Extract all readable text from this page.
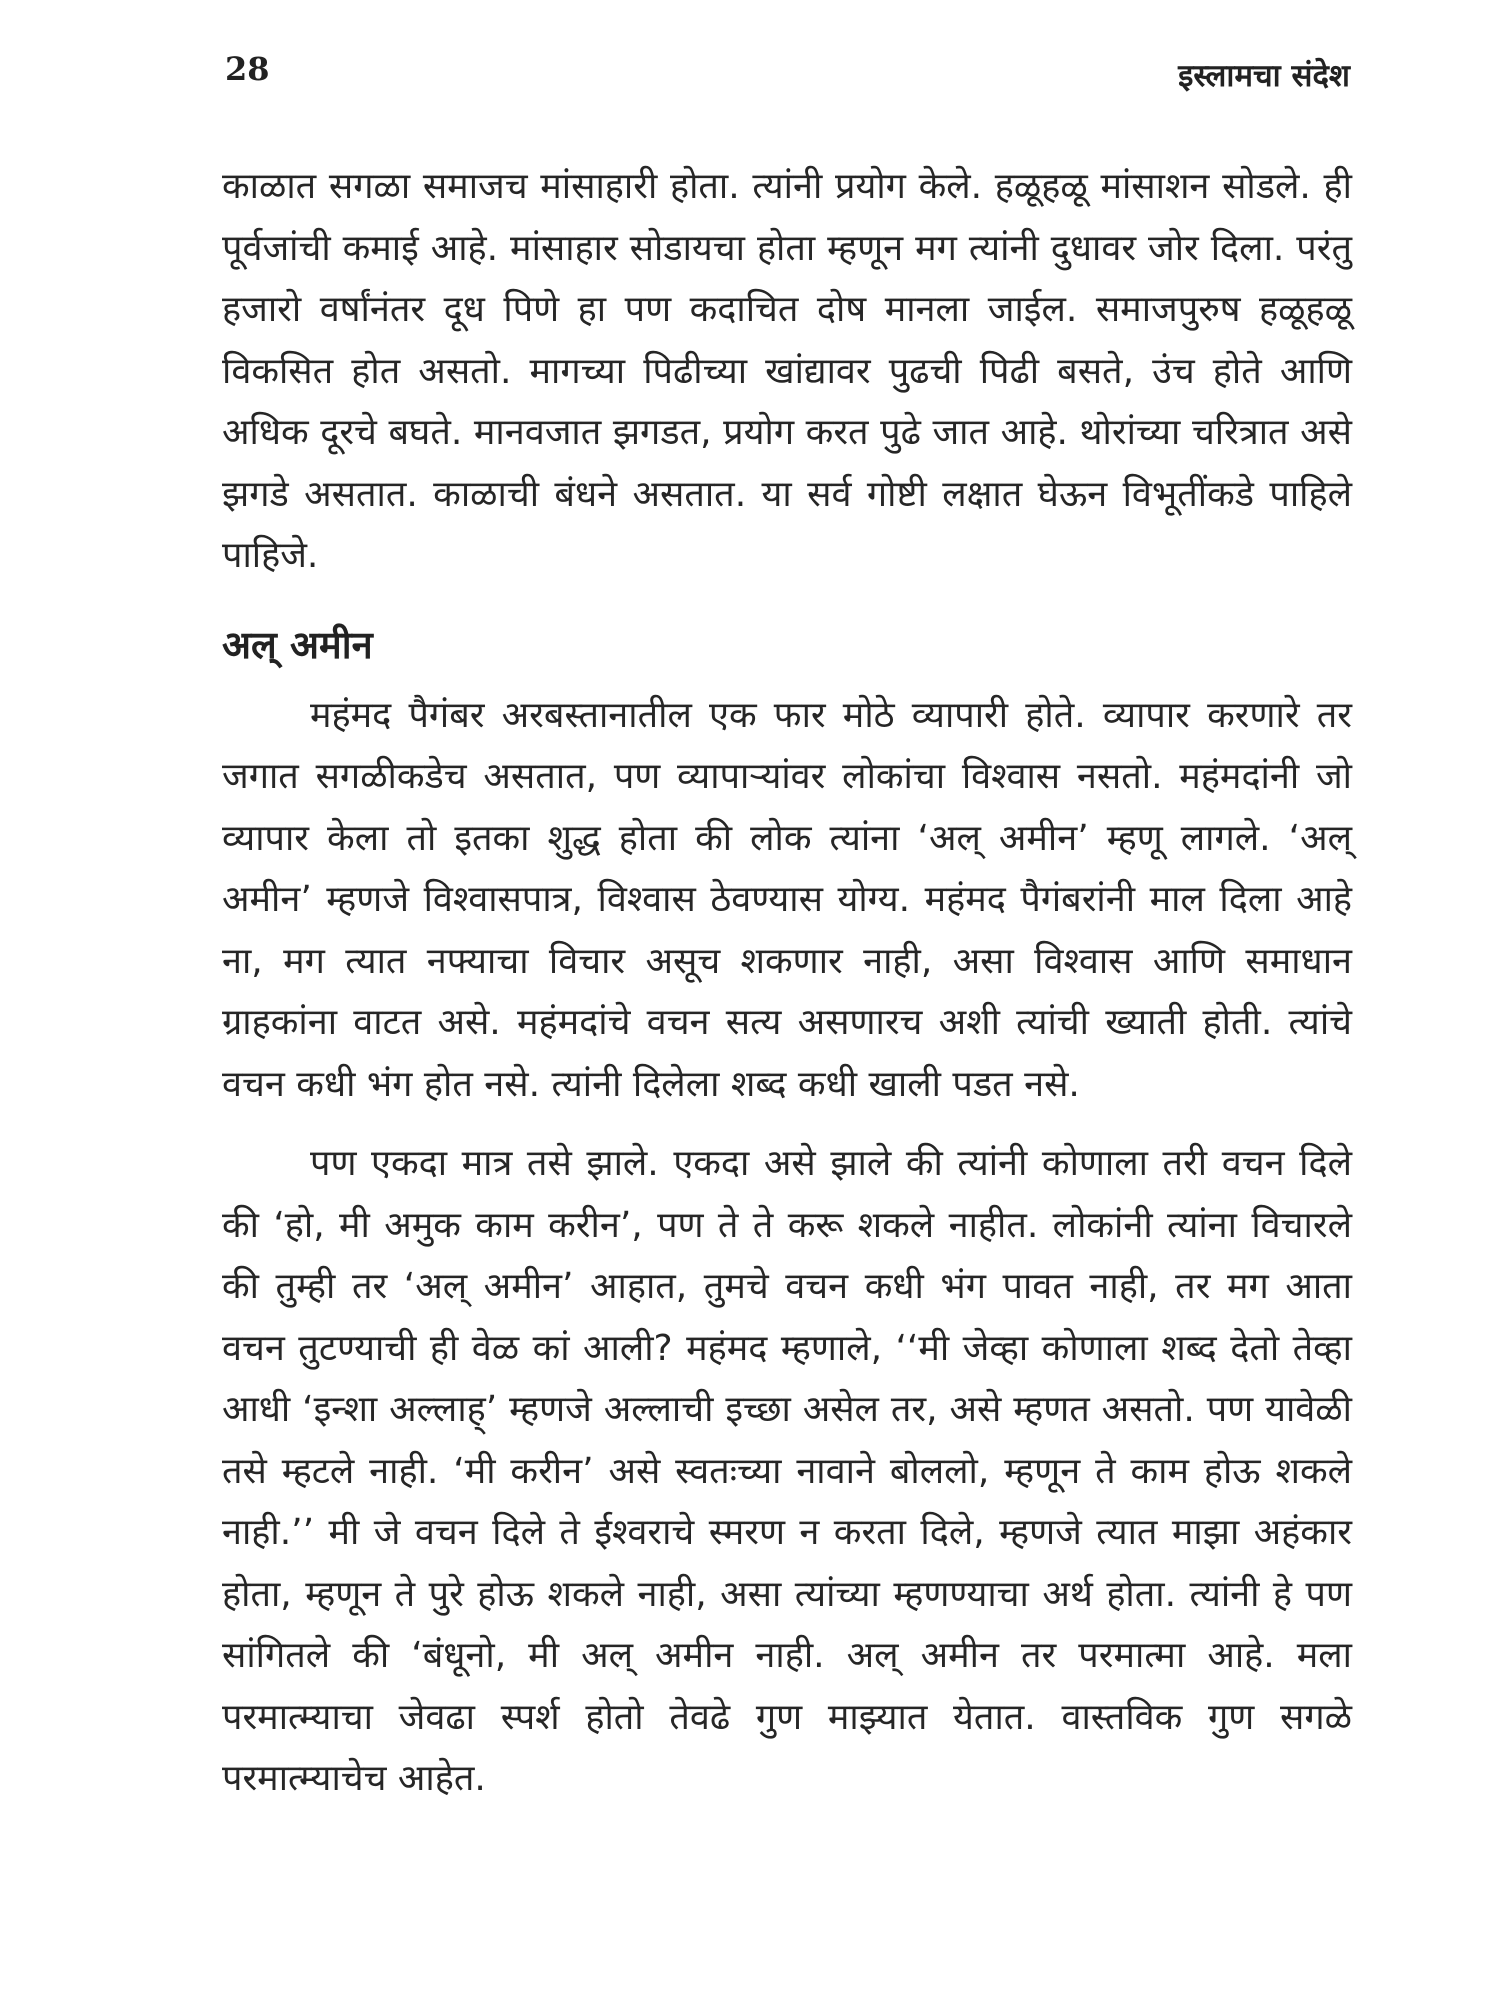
28	इस्लामचा संदेश

काळात सगळा समाजच मांसाहारी होता. त्यांनी प्रयोग केले. हळूहळू मांसाशन सोडले. ही पूर्वजांची कमाई आहे. मांसाहार सोडायचा होता म्हणून मग त्यांनी दुधावर जोर दिला. परंतु हजारो वर्षांनंतर दूध पिणे हा पण कदाचित दोष मानला जाईल. समाजपुरुष हळूहळू विकसित होत असतो. मागच्या पिढीच्या खांद्यावर पुढची पिढी बसते, उंच होते आणि अधिक दूरचे बघते. मानवजात झगडत, प्रयोग करत पुढे जात आहे. थोरांच्या चरित्रात असे झगडे असतात. काळाची बंधने असतात. या सर्व गोष्टी लक्षात घेऊन विभूतींकडे पाहिले पाहिजे.

अल् अमीन

महंमद पैगंबर अरबस्तानातील एक फार मोठे व्यापारी होते. व्यापार करणारे तर जगात सगळीकडेच असतात, पण व्यापाऱ्यांवर लोकांचा विश्वास नसतो. महंमदांनी जो व्यापार केला तो इतका शुद्ध होता की लोक त्यांना ‘अल् अमीन’ म्हणू लागले. ‘अल् अमीन’ म्हणजे विश्वासपात्र, विश्वास ठेवण्यास योग्य. महंमद पैगंबरांनी माल दिला आहे ना, मग त्यात नफ्याचा विचार असूच शकणार नाही, असा विश्वास आणि समाधान ग्राहकांना वाटत असे. महंमदांचे वचन सत्य असणारच अशी त्यांची ख्याती होती. त्यांचे वचन कधी भंग होत नसे. त्यांनी दिलेला शब्द कधी खाली पडत नसे.

पण एकदा मात्र तसे झाले. एकदा असे झाले की त्यांनी कोणाला तरी वचन दिले की ‘हो, मी अमुक काम करीन’, पण ते ते करू शकले नाहीत. लोकांनी त्यांना विचारले की तुम्ही तर ‘अल् अमीन’ आहात, तुमचे वचन कधी भंग पावत नाही, तर मग आता वचन तुटण्याची ही वेळ कां आली? महंमद म्हणाले, ‘‘मी जेव्हा कोणाला शब्द देतो तेव्हा आधी ‘इन्शा अल्लाह्’ म्हणजे अल्लाची इच्छा असेल तर, असे म्हणत असतो. पण यावेळी तसे म्हटले नाही. ‘मी करीन’ असे स्वतःच्या नावाने बोललो, म्हणून ते काम होऊ शकले नाही.’’ मी जे वचन दिले ते ईश्वराचे स्मरण न करता दिले, म्हणजे त्यात माझा अहंकार होता, म्हणून ते पुरे होऊ शकले नाही, असा त्यांच्या म्हणण्याचा अर्थ होता. त्यांनी हे पण सांगितले की ‘बंधूनो, मी अल् अमीन नाही. अल् अमीन तर परमात्मा आहे. मला परमात्म्याचा जेवढा स्पर्श होतो तेवढे गुण माझ्यात येतात. वास्तविक गुण सगळे परमात्म्याचेच आहेत.
